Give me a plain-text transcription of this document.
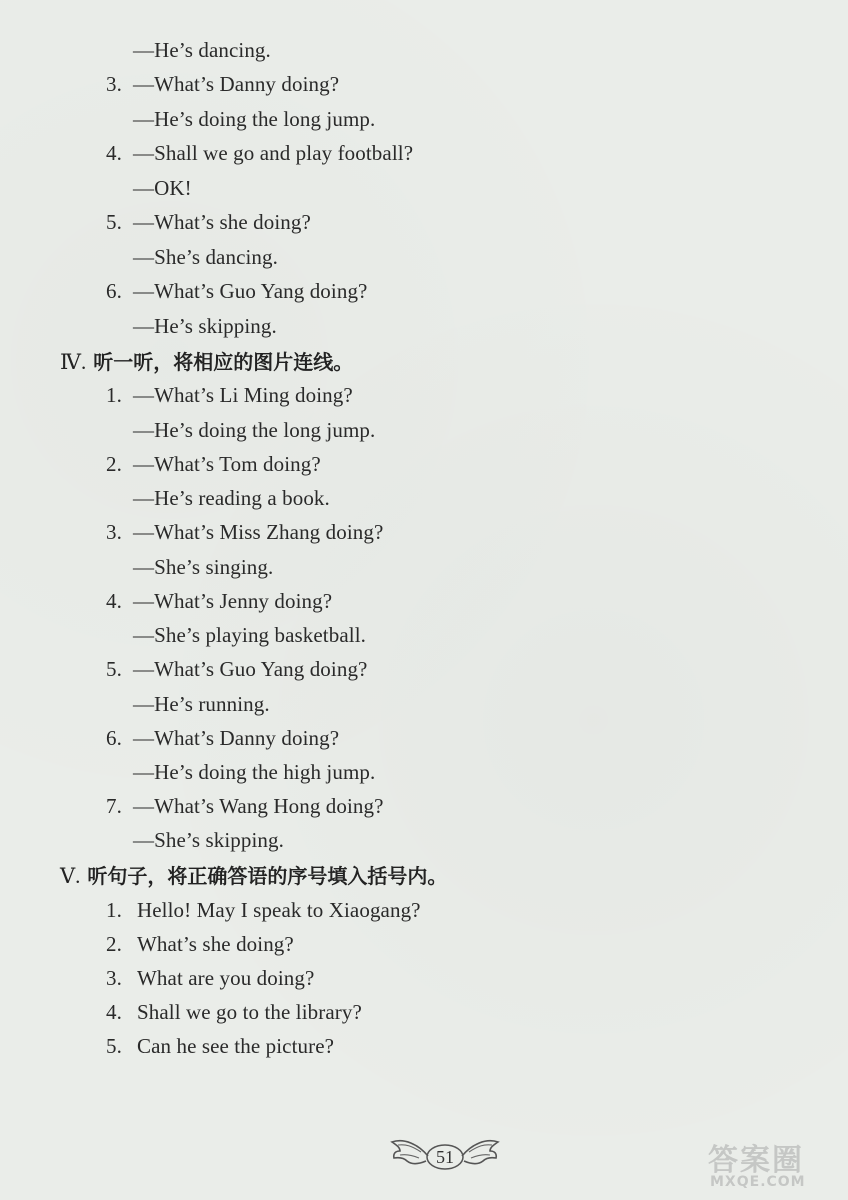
—He’s dancing.
3. —What’s Danny doing?
—He’s doing the long jump.
4. —Shall we go and play football?
—OK!
5. —What’s she doing?
—She’s dancing.
6. —What’s Guo Yang doing?
—He’s skipping.
Ⅳ. 听一听，将相应的图片连线。
1. —What’s Li Ming doing?
—He’s doing the long jump.
2. —What’s Tom doing?
—He’s reading a book.
3. —What’s Miss Zhang doing?
—She’s singing.
4. —What’s Jenny doing?
—She’s playing basketball.
5. —What’s Guo Yang doing?
—He’s running.
6. —What’s Danny doing?
—He’s doing the high jump.
7. —What’s Wang Hong doing?
—She’s skipping.
Ⅴ. 听句子，将正确答语的序号填入括号内。
1. Hello! May I speak to Xiaogang?
2. What’s she doing?
3. What are you doing?
4. Shall we go to the library?
5. Can he see the picture?
51	答案圈
MXQE.COM
